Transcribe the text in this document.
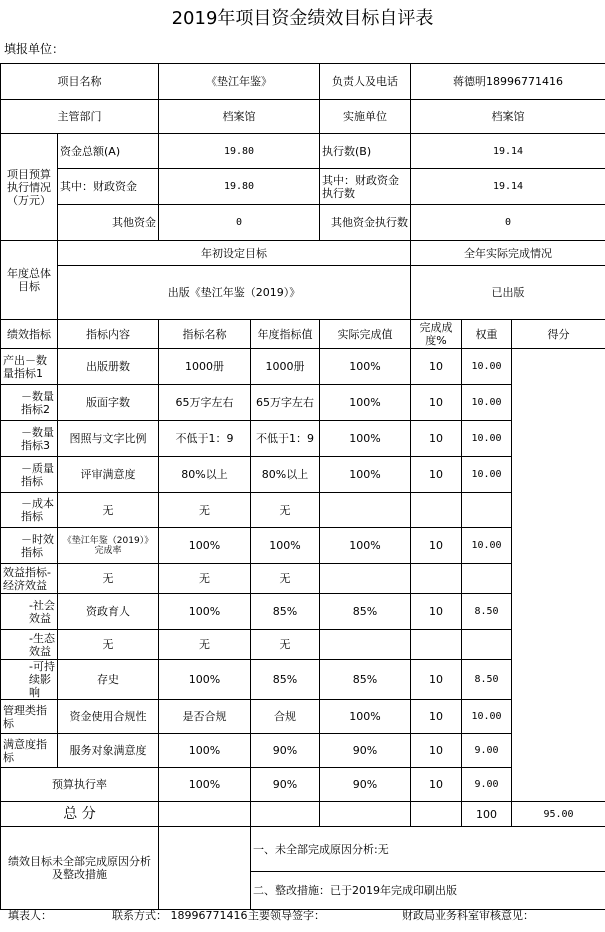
2019年项目资金绩效目标自评表
填报单位：
项目名称		《垫江年鉴》		负责人及电话	蒋德明18996771416		
主管部门		档案馆		实施单位	档案馆		
项目预算执行情况（万元）	资金总额(A)	19.80		执行数(B)	19.14		
	其中：财政资金	19.80		其中：财政资金执行数	19.14		
	其他资金	0		其他资金执行数	0		
年度总体目标	年初设定目标				全年实际完成情况		
	出版《垫江年鉴（2019）》				已出版		
绩效指标	指标内容	指标名称	年度指标值	实际完成值	完成成度%	权重	得分
产出－数量指标1	出版册数	1000册	1000册	100%	10	10.00	
－数量指标2	版面字数	65万字左右	65万字左右	100%	10	10.00	
－数量指标3	图照与文字比例	不低于1：9	不低于1：9	100%	10	10.00	
－质量指标	评审满意度	80%以上	80%以上	100%	10	10.00	
－成本指标	无	无	无				
－时效指标	《垫江年鉴（2019）》完成率	100%	100%	100%	10	10.00	
效益指标-经济效益	无	无	无				
-社会效益	资政育人	100%	85%	85%	10	8.50	
-生态效益	无	无	无				
-可持续影响	存史	100%	85%	85%	10	8.50	
管理类指标	资金使用合规性	是否合规	合规	100%	10	10.00	
满意度指标	服务对象满意度	100%	90%	90%	10	9.00	
预算执行率		100%	90%	90%	10	9.00	
总 分						100	95.00
绩效目标未全部完成原因分析及整改措施			一、未全部完成原因分析:无				
			二、整改措施：已于2019年完成印刷出版				
填表人：	联系方式： 18996771416 主要领导签字：	财政局业务科室审核意见：
